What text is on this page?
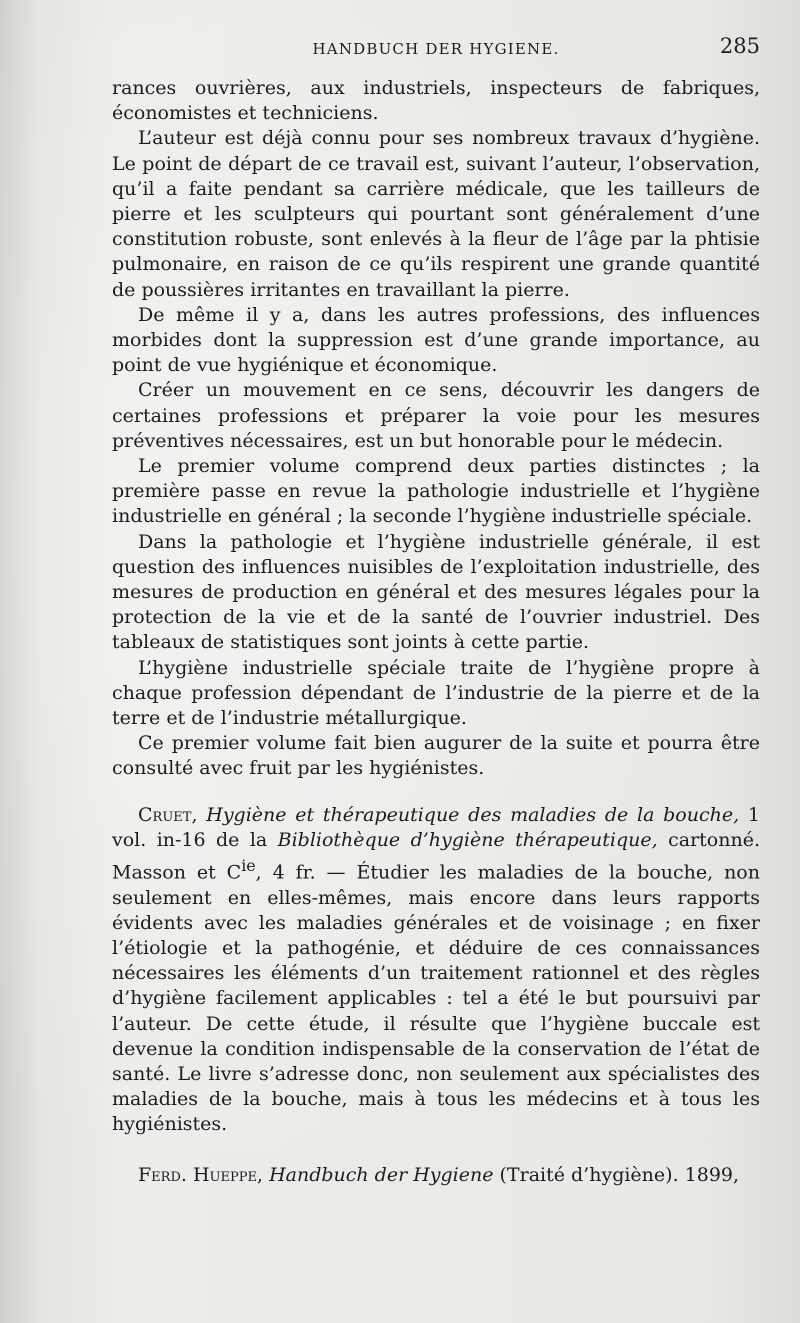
HANDBUCH DER HYGIENE.	285

rances ouvrières, aux industriels, inspecteurs de fabriques, économistes et techniciens.

L’auteur est déjà connu pour ses nombreux travaux d’hygiène. Le point de départ de ce travail est, suivant l’auteur, l’observation, qu’il a faite pendant sa carrière médicale, que les tailleurs de pierre et les sculpteurs qui pourtant sont généralement d’une constitution robuste, sont enlevés à la fleur de l’âge par la phtisie pulmonaire, en raison de ce qu’ils respirent une grande quantité de poussières irritantes en travaillant la pierre.

De même il y a, dans les autres professions, des influences morbides dont la suppression est d’une grande importance, au point de vue hygiénique et économique.

Créer un mouvement en ce sens, découvrir les dangers de certaines professions et préparer la voie pour les mesures préventives nécessaires, est un but honorable pour le médecin.

Le premier volume comprend deux parties distinctes ; la première passe en revue la pathologie industrielle et l’hygiène industrielle en général ; la seconde l’hygiène industrielle spéciale.

Dans la pathologie et l’hygiène industrielle générale, il est question des influences nuisibles de l’exploitation industrielle, des mesures de production en général et des mesures légales pour la protection de la vie et de la santé de l’ouvrier industriel. Des tableaux de statistiques sont joints à cette partie.

L’hygiène industrielle spéciale traite de l’hygiène propre à chaque profession dépendant de l’industrie de la pierre et de la terre et de l’industrie métallurgique.

Ce premier volume fait bien augurer de la suite et pourra être consulté avec fruit par les hygiénistes.

Cruet, Hygiène et thérapeutique des maladies de la bouche, 1 vol. in-16 de la Bibliothèque d’hygiène thérapeutique, cartonné. Masson et $C^{ie}$, 4 fr. — Étudier les maladies de la bouche, non seulement en elles-mêmes, mais encore dans leurs rapports évidents avec les maladies générales et de voisinage ; en fixer l’étiologie et la pathogénie, et déduire de ces connaissances nécessaires les éléments d’un traitement rationnel et des règles d’hygiène facilement applicables : tel a été le but poursuivi par l’auteur. De cette étude, il résulte que l’hygiène buccale est devenue la condition indispensable de la conservation de l’état de santé. Le livre s’adresse donc, non seulement aux spécialistes des maladies de la bouche, mais à tous les médecins et à tous les hygiénistes.

Ferd. Hueppe, Handbuch der Hygiene (Traité d’hygiène). 1899,
